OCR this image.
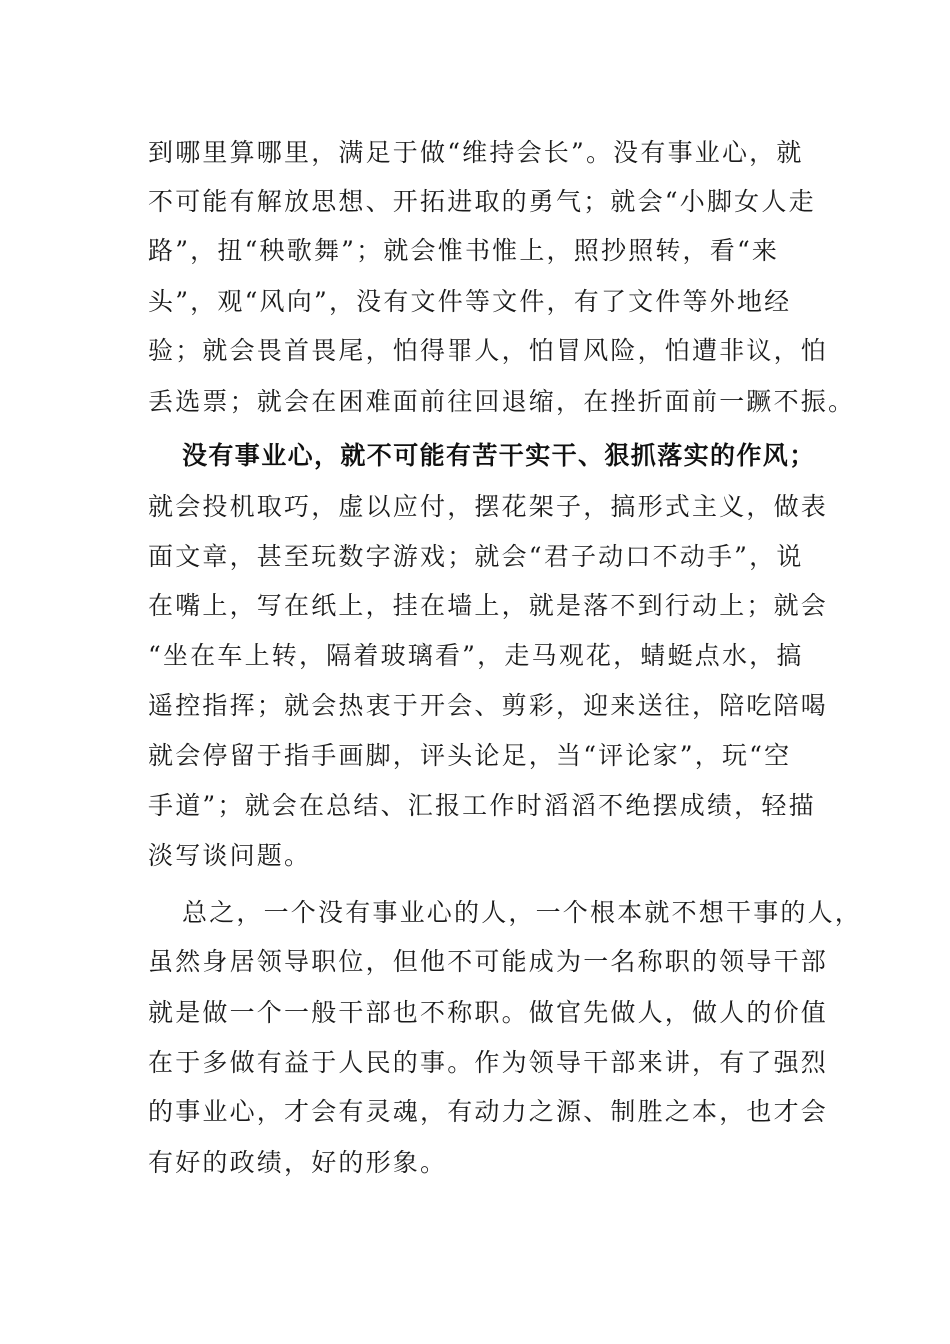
到哪里算哪里，满足于做“维持会长”。没有事业心，就
不可能有解放思想、开拓进取的勇气；就会“小脚女人走
路”，扭“秧歌舞”；就会惟书惟上，照抄照转，看“来
头”，观“风向”，没有文件等文件，有了文件等外地经
验；就会畏首畏尾，怕得罪人，怕冒风险，怕遭非议，怕
丢选票；就会在困难面前往回退缩，在挫折面前一蹶不振。
没有事业心，就不可能有苦干实干、狠抓落实的作风；
就会投机取巧，虚以应付，摆花架子，搞形式主义，做表
面文章，甚至玩数字游戏；就会“君子动口不动手”，说
在嘴上，写在纸上，挂在墙上，就是落不到行动上；就会
“坐在车上转，隔着玻璃看”，走马观花，蜻蜓点水，搞
遥控指挥；就会热衷于开会、剪彩，迎来送往，陪吃陪喝
就会停留于指手画脚，评头论足，当“评论家”，玩“空
手道”；就会在总结、汇报工作时滔滔不绝摆成绩，轻描
淡写谈问题。
总之，一个没有事业心的人，一个根本就不想干事的人，
虽然身居领导职位，但他不可能成为一名称职的领导干部
就是做一个一般干部也不称职。做官先做人，做人的价值
在于多做有益于人民的事。作为领导干部来讲，有了强烈
的事业心，才会有灵魂，有动力之源、制胜之本，也才会
有好的政绩，好的形象。
